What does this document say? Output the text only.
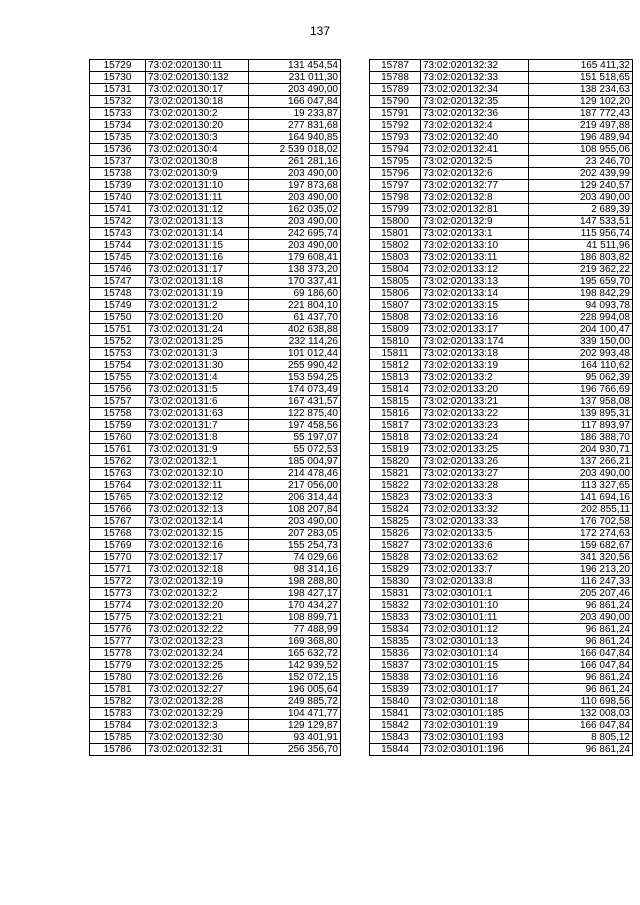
137
15729	73:02:020130:11	131 454,54
15730	73:02:020130:132	231 011,30
15731	73:02:020130:17	203 490,00
15732	73:02:020130:18	166 047,84
15733	73:02:020130:2	19 233,87
15734	73:02:020130:20	277 831,68
15735	73:02:020130:3	164 940,85
15736	73:02:020130:4	2 539 018,02
15737	73:02:020130:8	261 281,16
15738	73:02:020130:9	203 490,00
15739	73:02:020131:10	197 873,68
15740	73:02:020131:11	203 490,00
15741	73:02:020131:12	162 035,02
15742	73:02:020131:13	203 490,00
15743	73:02:020131:14	242 695,74
15744	73:02:020131:15	203 490,00
15745	73:02:020131:16	179 608,41
15746	73:02:020131:17	138 373,20
15747	73:02:020131:18	170 337,41
15748	73:02:020131:19	69 186,60
15749	73:02:020131:2	221 804,10
15750	73:02:020131:20	61 437,70
15751	73:02:020131:24	402 638,88
15752	73:02:020131:25	232 114,26
15753	73:02:020131:3	101 012,44
15754	73:02:020131:30	255 990,42
15755	73:02:020131:4	153 594,25
15756	73:02:020131:5	174 073,49
15757	73:02:020131:6	167 431,57
15758	73:02:020131:63	122 875,40
15759	73:02:020131:7	197 458,56
15760	73:02:020131:8	55 197,07
15761	73:02:020131:9	55 072,53
15762	73:02:020132:1	185 004,97
15763	73:02:020132:10	214 478,46
15764	73:02:020132:11	217 056,00
15765	73:02:020132:12	206 314,44
15766	73:02:020132:13	108 207,84
15767	73:02:020132:14	203 490,00
15768	73:02:020132:15	207 283,05
15769	73:02:020132:16	155 254,73
15770	73:02:020132:17	74 029,66
15771	73:02:020132:18	98 314,16
15772	73:02:020132:19	198 288,80
15773	73:02:020132:2	198 427,17
15774	73:02:020132:20	170 434,27
15775	73:02:020132:21	108 899,71
15776	73:02:020132:22	77 488,99
15777	73:02:020132:23	169 368,80
15778	73:02:020132:24	165 632,72
15779	73:02:020132:25	142 939,52
15780	73:02:020132:26	152 072,15
15781	73:02:020132:27	196 005,64
15782	73:02:020132:28	249 885,72
15783	73:02:020132:29	104 471,77
15784	73:02:020132:3	129 129,87
15785	73:02:020132:30	93 401,91
15786	73:02:020132:31	256 356,70
15787	73:02:020132:32	165 411,32
15788	73:02:020132:33	151 518,65
15789	73:02:020132:34	138 234,63
15790	73:02:020132:35	129 102,20
15791	73:02:020132:36	187 772,43
15792	73:02:020132:4	219 497,88
15793	73:02:020132:40	196 489,94
15794	73:02:020132:41	108 955,06
15795	73:02:020132:5	23 246,70
15796	73:02:020132:6	202 439,99
15797	73:02:020132:77	129 240,57
15798	73:02:020132:8	203 490,00
15799	73:02:020132:81	2 689,39
15800	73:02:020132:9	147 533,51
15801	73:02:020133:1	115 956,74
15802	73:02:020133:10	41 511,96
15803	73:02:020133:11	186 803,82
15804	73:02:020133:12	219 362,22
15805	73:02:020133:13	195 659,70
15806	73:02:020133:14	198 842,29
15807	73:02:020133:15	94 093,78
15808	73:02:020133:16	228 994,08
15809	73:02:020133:17	204 100,47
15810	73:02:020133:174	339 150,00
15811	73:02:020133:18	202 993,48
15812	73:02:020133:19	164 110,62
15813	73:02:020133:2	95 062,39
15814	73:02:020133:20	196 766,69
15815	73:02:020133:21	137 958,08
15816	73:02:020133:22	139 895,31
15817	73:02:020133:23	117 893,97
15818	73:02:020133:24	186 388,70
15819	73:02:020133:25	204 930,71
15820	73:02:020133:26	137 266,21
15821	73:02:020133:27	203 490,00
15822	73:02:020133:28	113 327,65
15823	73:02:020133:3	141 694,16
15824	73:02:020133:32	202 855,11
15825	73:02:020133:33	176 702,58
15826	73:02:020133:5	172 274,63
15827	73:02:020133:6	159 682,67
15828	73:02:020133:62	341 320,56
15829	73:02:020133:7	196 213,20
15830	73:02:020133:8	116 247,33
15831	73:02:030101:1	205 207,46
15832	73:02:030101:10	96 861,24
15833	73:02:030101:11	203 490,00
15834	73:02:030101:12	96 861,24
15835	73:02:030101:13	96 861,24
15836	73:02:030101:14	166 047,84
15837	73:02:030101:15	166 047,84
15838	73:02:030101:16	96 861,24
15839	73:02:030101:17	96 861,24
15840	73:02:030101:18	110 698,56
15841	73:02:030101:185	132 008,03
15842	73:02:030101:19	166 047,84
15843	73:02:030101:193	8 805,12
15844	73:02:030101:196	96 861,24
